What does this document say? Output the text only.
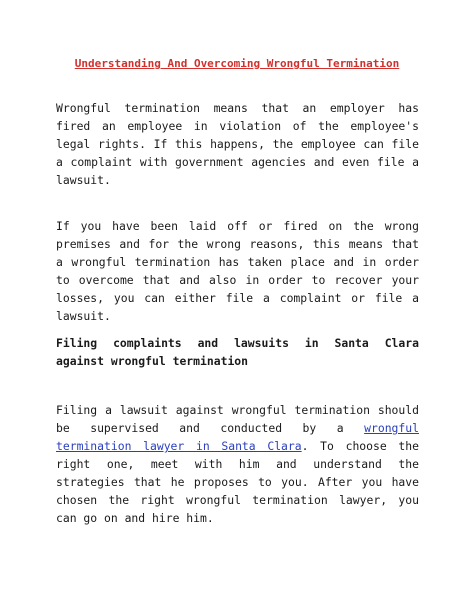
Understanding And Overcoming Wrongful Termination

Wrongful termination means that an employer has fired an employee in violation of the employee's legal rights. If this happens, the employee can file a complaint with government agencies and even file a lawsuit.

If you have been laid off or fired on the wrong premises and for the wrong reasons, this means that a wrongful termination has taken place and in order to overcome that and also in order to recover your losses, you can either file a complaint or file a lawsuit.

Filing complaints and lawsuits in Santa Clara against wrongful termination

Filing a lawsuit against wrongful termination should be supervised and conducted by a wrongful termination lawyer in Santa Clara. To choose the right one, meet with him and understand the strategies that he proposes to you. After you have chosen the right wrongful termination lawyer, you can go on and hire him.
